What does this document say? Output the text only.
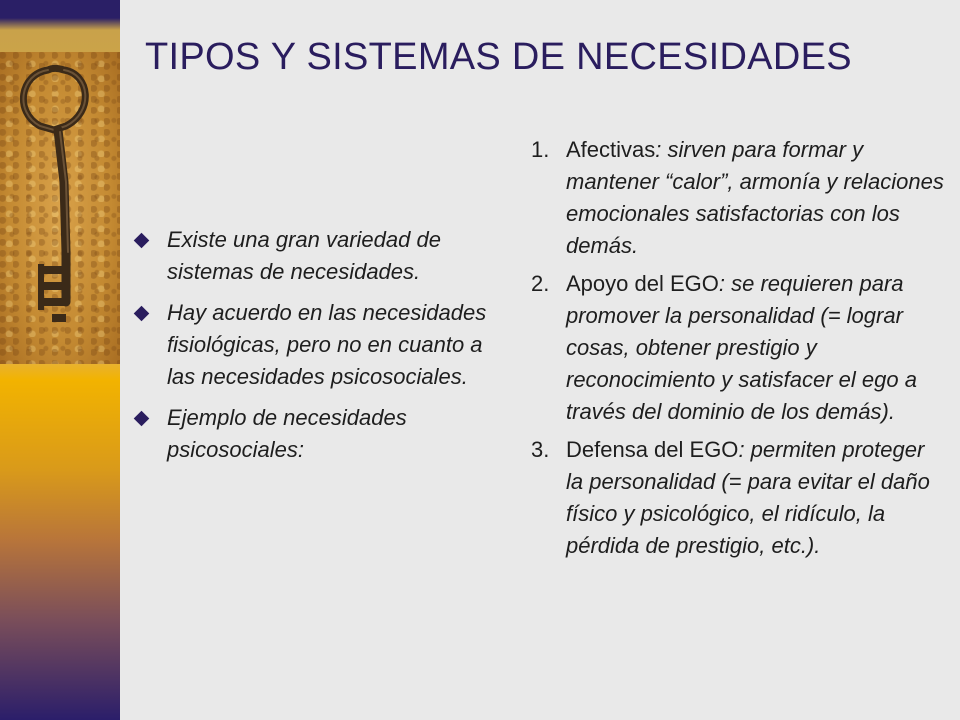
TIPOS Y SISTEMAS DE NECESIDADES
Existe una gran variedad de sistemas de necesidades.
Hay acuerdo en las necesidades fisiológicas, pero no en cuanto a las necesidades psicosociales.
Ejemplo de necesidades psicosociales:
1. Afectivas: sirven para formar y mantener “calor”, armonía y relaciones emocionales satisfactorias con los demás.
2. Apoyo del EGO: se requieren para promover la personalidad (= lograr cosas, obtener prestigio y reconocimiento y satisfacer el ego a través del dominio de los demás).
3. Defensa del EGO: permiten proteger la personalidad (= para evitar el daño físico y psicológico, el ridículo, la pérdida de prestigio, etc.).
